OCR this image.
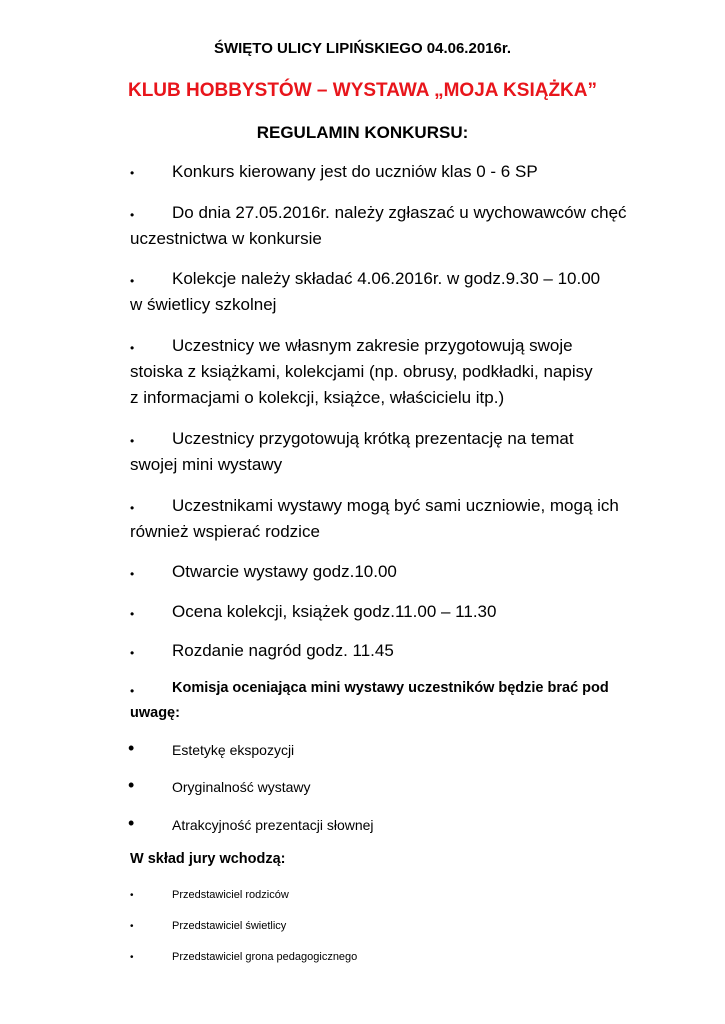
ŚWIĘTO ULICY LIPIŃSKIEGO 04.06.2016r.
KLUB HOBBYSTÓW – WYSTAWA „MOJA KSIĄŻKA”
REGULAMIN KONKURSU:
• Konkurs kierowany jest do uczniów klas 0 - 6 SP
• Do dnia 27.05.2016r. należy zgłaszać u wychowawców chęć
uczestnictwa w konkursie
• Kolekcje należy składać 4.06.2016r. w godz.9.30 – 10.00
w świetlicy szkolnej
• Uczestnicy we własnym zakresie przygotowują swoje
stoiska z książkami, kolekcjami (np. obrusy, podkładki, napisy
z informacjami o kolekcji, książce, właścicielu itp.)
• Uczestnicy przygotowują krótką prezentację na temat
swojej mini wystawy
• Uczestnikami wystawy mogą być sami uczniowie, mogą ich
również wspierać rodzice
• Otwarcie wystawy godz.10.00
• Ocena kolekcji, książek godz.11.00 – 11.30
• Rozdanie nagród godz. 11.45
•	Komisja oceniająca mini wystawy uczestników będzie brać pod
uwagę:
•	Estetykę ekspozycji
•	Oryginalność wystawy
•	Atrakcyjność prezentacji słownej
W skład jury wchodzą:
•	Przedstawiciel rodziców
•	Przedstawiciel świetlicy
•	Przedstawiciel grona pedagogicznego
